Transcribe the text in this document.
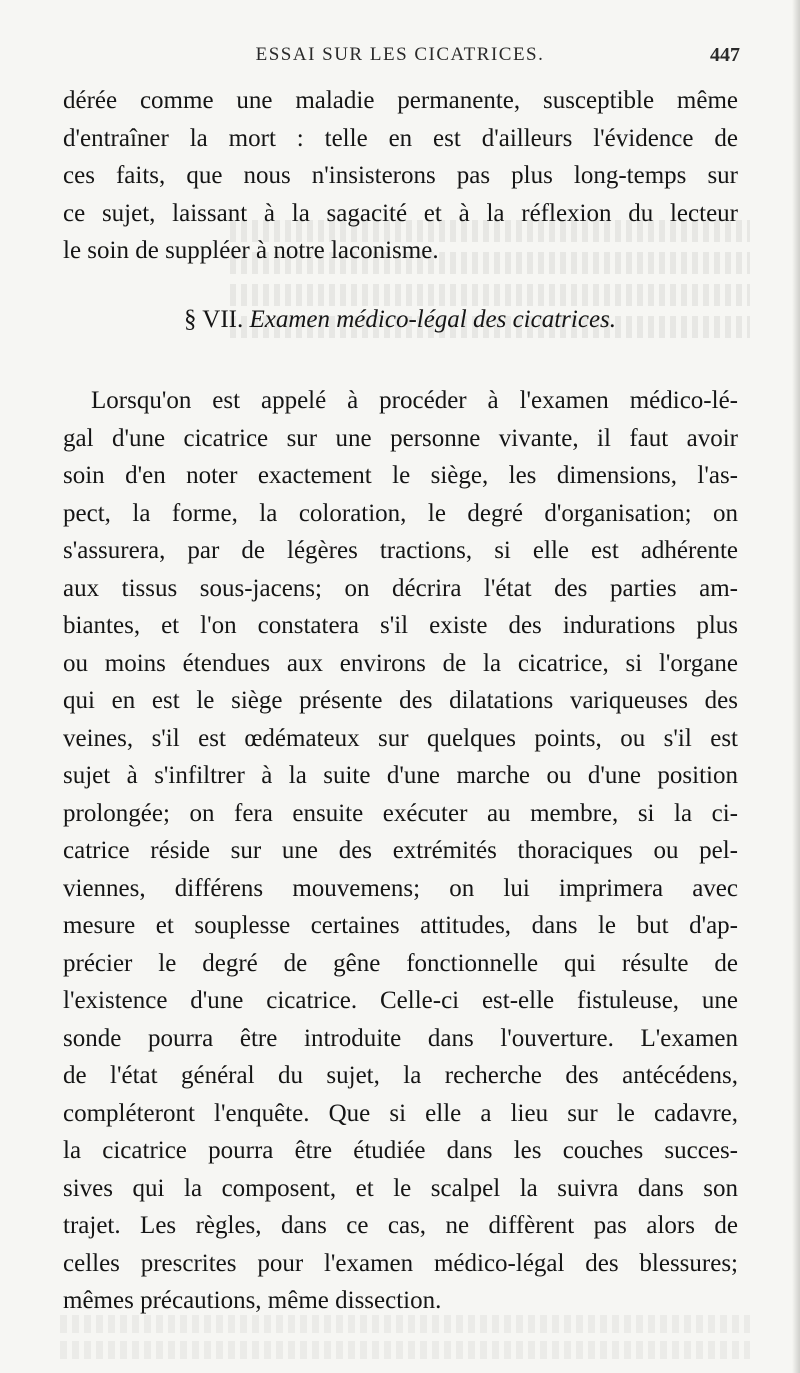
ESSAI SUR LES CICATRICES.	447
dérée comme une maladie permanente, susceptible même
d'entraîner la mort : telle en est d'ailleurs l'évidence de
ces faits, que nous n'insisterons pas plus long-temps sur
ce sujet, laissant à la sagacité et à la réflexion du lecteur
le soin de suppléer à notre laconisme.
§ VII. Examen médico-légal des cicatrices.
Lorsqu'on est appelé à procéder à l'examen médico-lé-
gal d'une cicatrice sur une personne vivante, il faut avoir
soin d'en noter exactement le siège, les dimensions, l'as-
pect, la forme, la coloration, le degré d'organisation; on
s'assurera, par de légères tractions, si elle est adhérente
aux tissus sous-jacens; on décrira l'état des parties am-
biantes, et l'on constatera s'il existe des indurations plus
ou moins étendues aux environs de la cicatrice, si l'organe
qui en est le siège présente des dilatations variqueuses des
veines, s'il est œdémateux sur quelques points, ou s'il est
sujet à s'infiltrer à la suite d'une marche ou d'une position
prolongée; on fera ensuite exécuter au membre, si la ci-
catrice réside sur une des extrémités thoraciques ou pel-
viennes, différens mouvemens; on lui imprimera avec
mesure et souplesse certaines attitudes, dans le but d'ap-
précier le degré de gêne fonctionnelle qui résulte de
l'existence d'une cicatrice. Celle-ci est-elle fistuleuse, une
sonde pourra être introduite dans l'ouverture. L'examen
de l'état général du sujet, la recherche des antécédens,
compléteront l'enquête. Que si elle a lieu sur le cadavre,
la cicatrice pourra être étudiée dans les couches succes-
sives qui la composent, et le scalpel la suivra dans son
trajet. Les règles, dans ce cas, ne diffèrent pas alors de
celles prescrites pour l'examen médico-légal des blessures;
mêmes précautions, même dissection.
